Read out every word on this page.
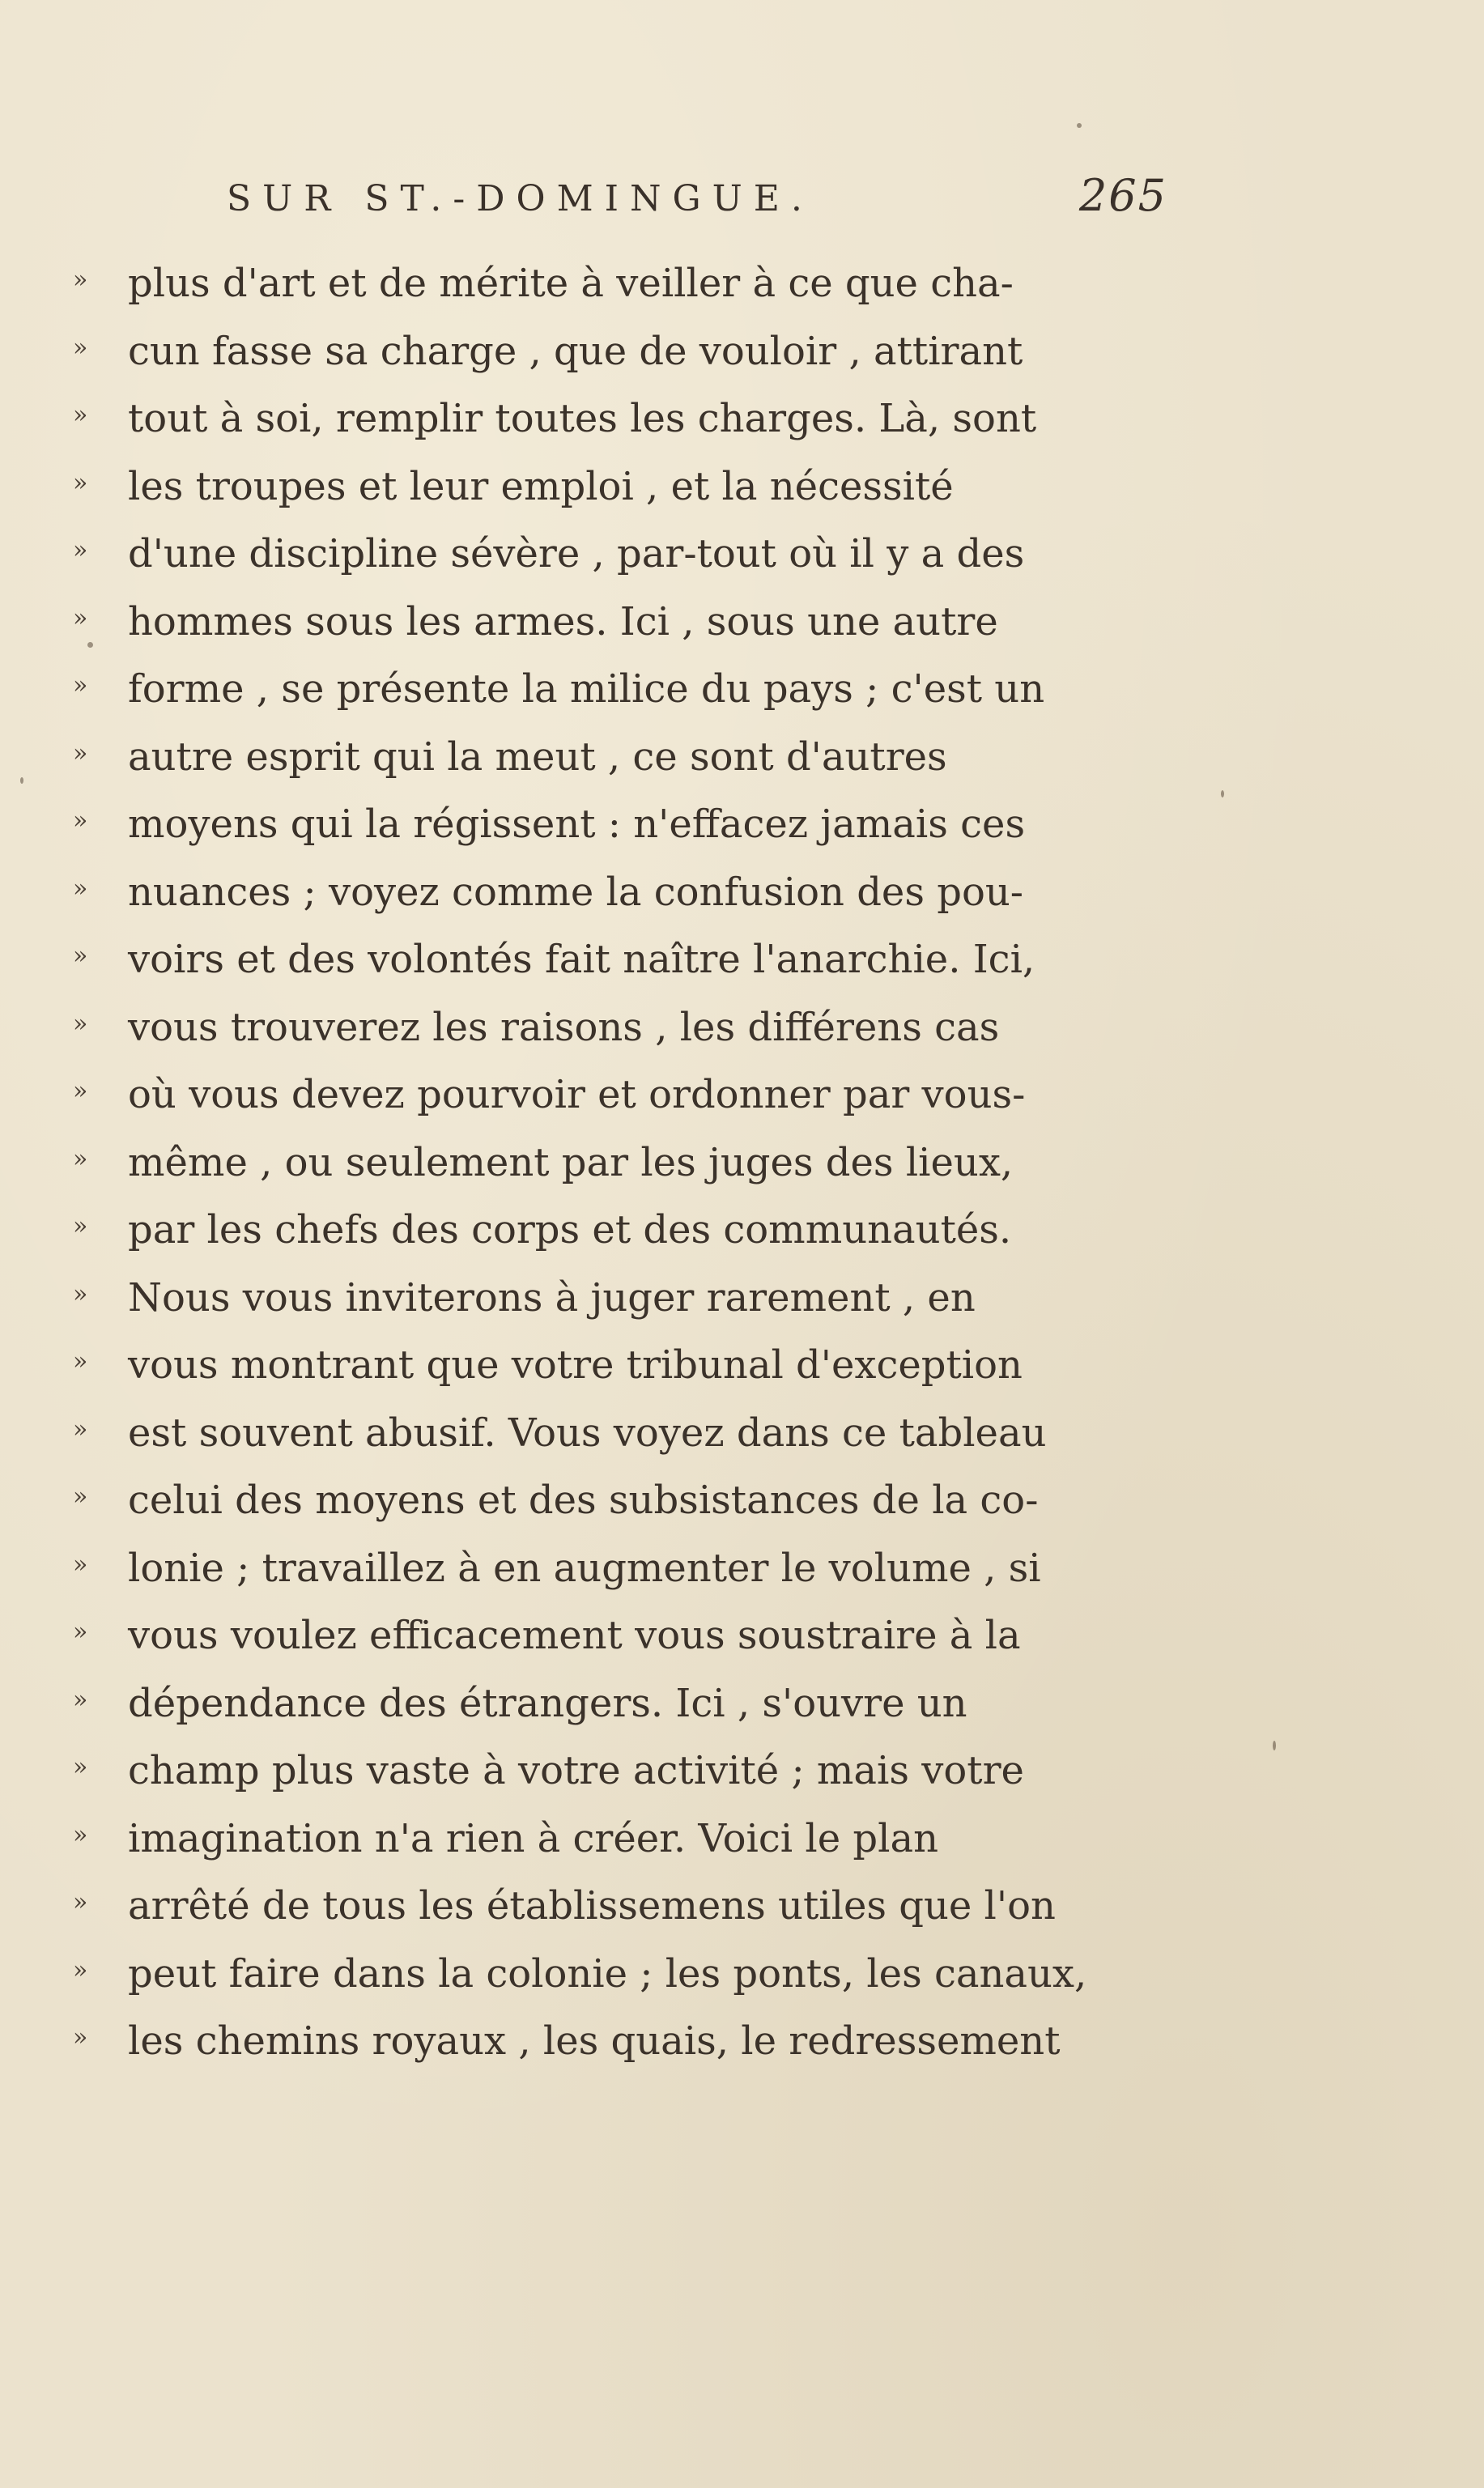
SUR ST.-DOMINGUE.	265
»	plus d'art et de mérite à veiller à ce que cha-
»	cun fasse sa charge , que de vouloir , attirant
»	tout à soi, remplir toutes les charges. Là, sont
»	les troupes et leur emploi , et la nécessité
»	d'une discipline sévère , par-tout où il y a des
»	hommes sous les armes. Ici , sous une autre
»	forme , se présente la milice du pays ; c'est un
»	autre esprit qui la meut , ce sont d'autres
»	moyens qui la régissent : n'effacez jamais ces
»	nuances ; voyez comme la confusion des pou-
»	voirs et des volontés fait naître l'anarchie. Ici,
»	vous trouverez les raisons , les différens cas
»	où vous devez pourvoir et ordonner par vous-
»	même , ou seulement par les juges des lieux,
»	par les chefs des corps et des communautés.
»	Nous vous inviterons à juger rarement , en
»	vous montrant que votre tribunal d'exception
»	est souvent abusif. Vous voyez dans ce tableau
»	celui des moyens et des subsistances de la co-
»	lonie ; travaillez à en augmenter le volume , si
»	vous voulez efficacement vous soustraire à la
»	dépendance des étrangers. Ici , s'ouvre un
»	champ plus vaste à votre activité ; mais votre
»	imagination n'a rien à créer. Voici le plan
»	arrêté de tous les établissemens utiles que l'on
»	peut faire dans la colonie ; les ponts, les canaux,
»	les chemins royaux , les quais, le redressement
